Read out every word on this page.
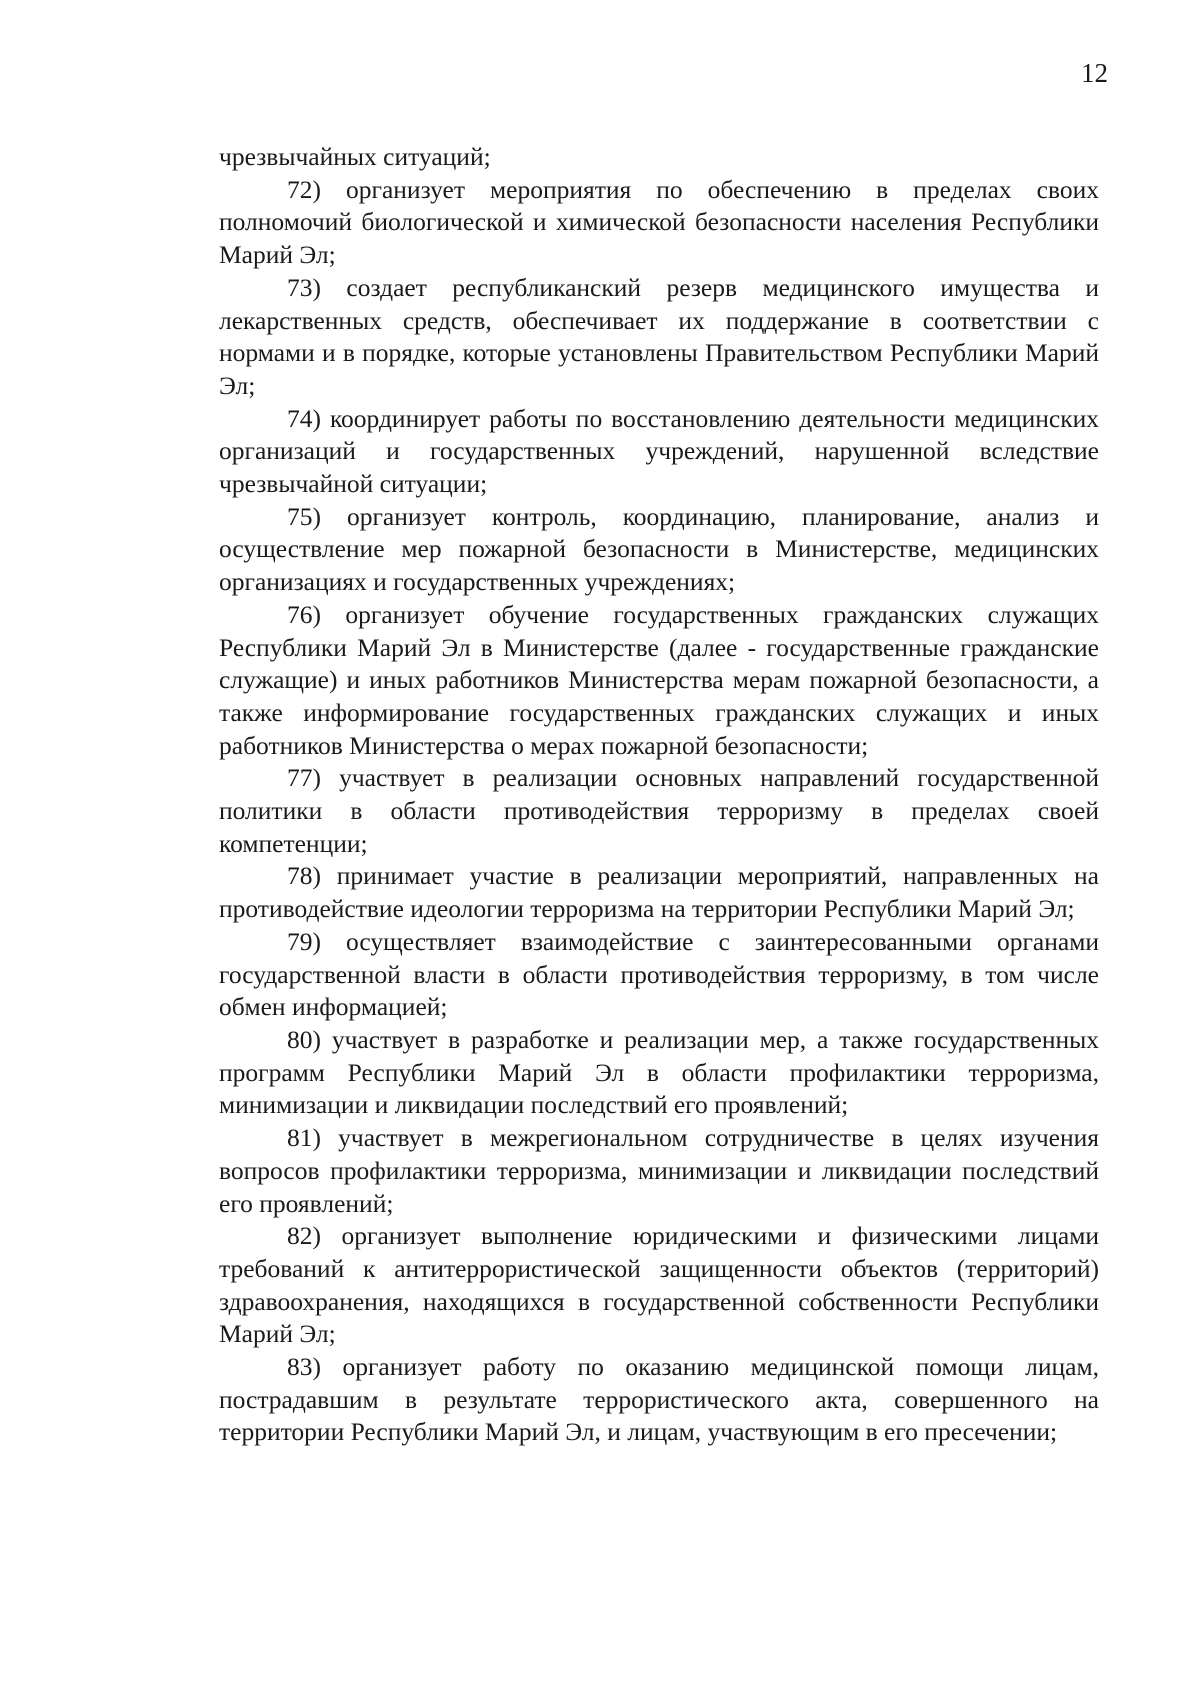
12

чрезвычайных ситуаций;

72) организует мероприятия по обеспечению в пределах своих полномочий биологической и химической безопасности населения Республики Марий Эл;

73) создает республиканский резерв медицинского имущества и лекарственных средств, обеспечивает их поддержание в соответствии с нормами и в порядке, которые установлены Правительством Республики Марий Эл;

74) координирует работы по восстановлению деятельности медицинских организаций и государственных учреждений, нарушенной вследствие чрезвычайной ситуации;

75) организует контроль, координацию, планирование, анализ и осуществление мер пожарной безопасности в Министерстве, медицинских организациях и государственных учреждениях;

76) организует обучение государственных гражданских служащих Республики Марий Эл в Министерстве (далее - государственные гражданские служащие) и иных работников Министерства мерам пожарной безопасности, а также информирование государственных гражданских служащих и иных работников Министерства о мерах пожарной безопасности;

77) участвует в реализации основных направлений государственной политики в области противодействия терроризму в пределах своей компетенции;

78) принимает участие в реализации мероприятий, направленных на противодействие идеологии терроризма на территории Республики Марий Эл;

79) осуществляет взаимодействие с заинтересованными органами государственной власти в области противодействия терроризму, в том числе обмен информацией;

80) участвует в разработке и реализации мер, а также государственных программ Республики Марий Эл в области профилактики терроризма, минимизации и ликвидации последствий его проявлений;

81) участвует в межрегиональном сотрудничестве в целях изучения вопросов профилактики терроризма, минимизации и ликвидации последствий его проявлений;

82) организует выполнение юридическими и физическими лицами требований к антитеррористической защищенности объектов (территорий) здравоохранения, находящихся в государственной собственности Республики Марий Эл;

83) организует работу по оказанию медицинской помощи лицам, пострадавшим в результате террористического акта, совершенного на территории Республики Марий Эл, и лицам, участвующим в его пресечении;
